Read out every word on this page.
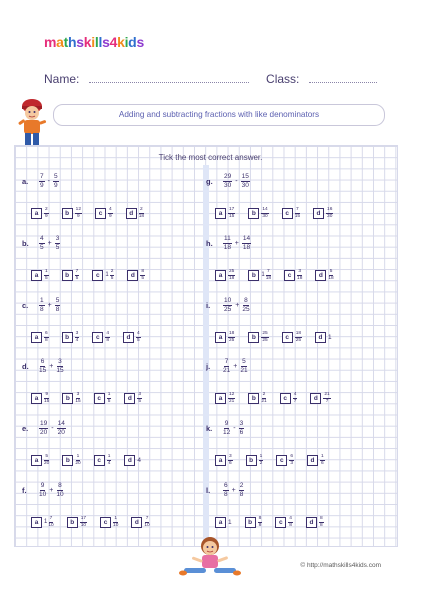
mathskills4kids
Name:	Class:
Adding and subtracting fractions with like denominators
Tick the most correct answer.
a. $\frac{7}{9} - \frac{5}{9}$
a	$\frac{2}{9}$	b	$\frac{12}{9}$	c	$\frac{4}{9}$	d	$\frac{2}{18}$
b. $\frac{4}{5} + \frac{3}{5}$
a	$\frac{1}{5}$	b	$\frac{7}{5}$	c $1 \frac{2}{5}$	d	$\frac{8}{5}$
c. $\frac{1}{8} + \frac{5}{8}$
a	$\frac{6}{8}$	b	$\frac{3}{4}$	c	$\frac{4}{8}$	d	$\frac{4}{5}$
d. $\frac{6}{15} + \frac{3}{15}$
a	$\frac{9}{15}$	b	$\frac{3}{15}$	c	$\frac{1}{5}$	d	$\frac{3}{5}$
e. $\frac{19}{20} - \frac{14}{20}$
a	$\frac{5}{20}$	b	$\frac{1}{20}$	c	$\frac{1}{4}$	d 4
f. $\frac{9}{10} + \frac{8}{10}$
a $1 \frac{7}{10}$	b	$\frac{17}{10}$	c	$\frac{1}{10}$	d	$\frac{7}{10}$
g. $\frac{29}{30} - \frac{15}{30}$
a	$\frac{17}{15}$	b	$\frac{14}{30}$	c	$\frac{7}{15}$	d	$\frac{16}{30}$
h. $\frac{11}{18} + \frac{14}{18}$
a	$\frac{25}{18}$	b $1 \frac{7}{18}$	c	$\frac{3}{18}$	d	$\frac{5}{18}$
i. $\frac{10}{25} + \frac{8}{25}$
a	$\frac{18}{25}$	b	$\frac{25}{25}$	c	$\frac{18}{25}$	d 1
j. $\frac{7}{21} + \frac{5}{21}$
a	$\frac{12}{21}$	b	$\frac{2}{21}$	c	$\frac{4}{7}$	d	$\frac{21}{7}$
k. $\frac{9}{12} - \frac{3}{6}$
a	$\frac{3}{6}$	b	$\frac{1}{2}$	c	$\frac{6}{3}$	d	$\frac{1}{6}$
l. $\frac{6}{8} + \frac{2}{8}$
a 1	b	$\frac{8}{8}$	c	$\frac{4}{8}$	d	$\frac{8}{8}$
© http://mathskills4kids.com
